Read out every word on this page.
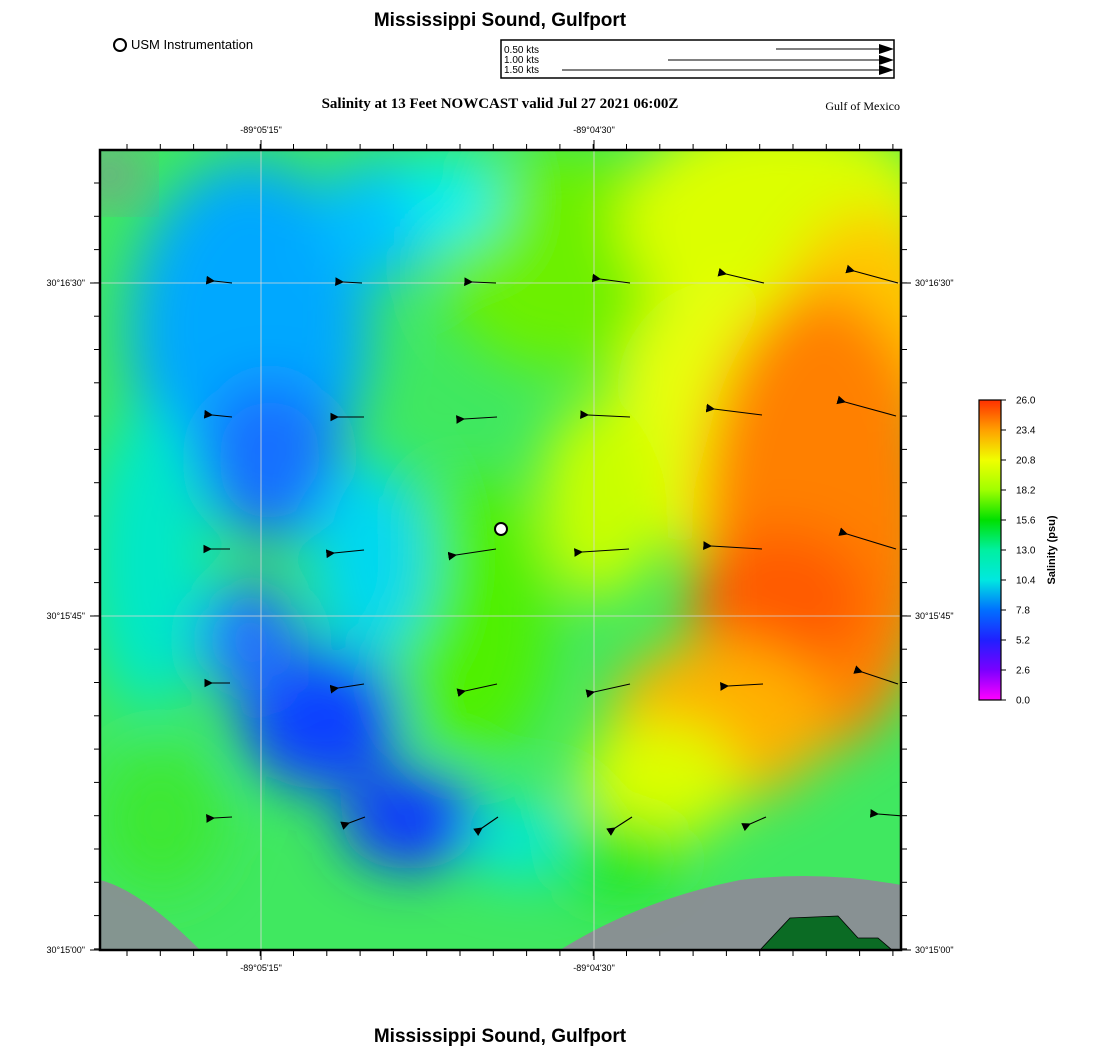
Mississippi Sound, Gulfport
USM Instrumentation
Salinity at 13 Feet NOWCAST valid Jul 27 2021 06:00Z	Gulf of Mexico
-89°05'15"	-89°04'30"
-89°05'15"	-89°04'30"
30°16'30"
30°15'45"
30°15'00"
30°16'30"
30°15'45"
30°15'00"
0.50 kts
1.00 kts
1.50 kts
26.0
23.4
20.8
18.2
15.6
13.0
10.4
7.8
5.2
2.6
0.0
Salinity (psu)
Mississippi Sound, Gulfport
